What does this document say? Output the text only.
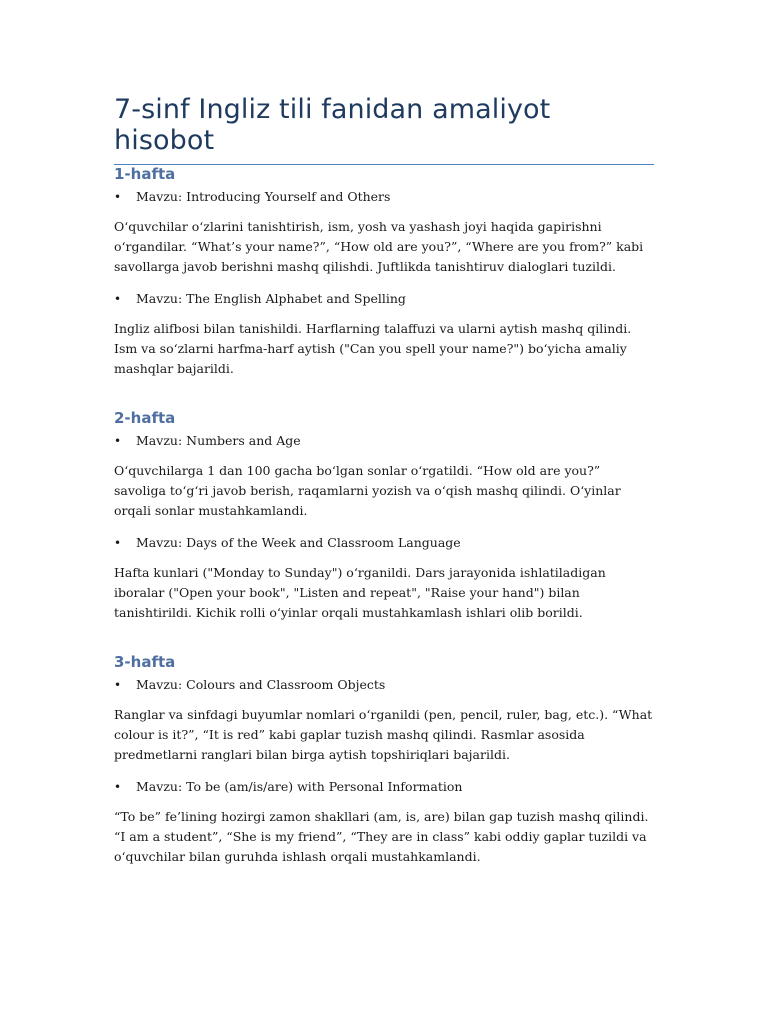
7-sinf Ingliz tili fanidan amaliyot hisobot
1-hafta
•	Mavzu: Introducing Yourself and Others

O‘quvchilar o‘zlarini tanishtirish, ism, yosh va yashash joyi haqida gapirishni o‘rgandilar. “What’s your name?”, “How old are you?”, “Where are you from?” kabi savollarga javob berishni mashq qilishdi. Juftlikda tanishtiruv dialoglari tuzildi.

•	Mavzu: The English Alphabet and Spelling

Ingliz alifbosi bilan tanishildi. Harflarning talaffuzi va ularni aytish mashq qilindi. Ism va so‘zlarni harfma-harf aytish ("Can you spell your name?") bo‘yicha amaliy mashqlar bajarildi.

2-hafta
•	Mavzu: Numbers and Age

O‘quvchilarga 1 dan 100 gacha bo‘lgan sonlar o‘rgatildi. “How old are you?” savoliga to‘g‘ri javob berish, raqamlarni yozish va o‘qish mashq qilindi. O‘yinlar orqali sonlar mustahkamlandi.

•	Mavzu: Days of the Week and Classroom Language

Hafta kunlari ("Monday to Sunday") o‘rganildi. Dars jarayonida ishlatiladigan iboralar ("Open your book", "Listen and repeat", "Raise your hand") bilan tanishtirildi. Kichik rolli o‘yinlar orqali mustahkamlash ishlari olib borildi.

3-hafta
•	Mavzu: Colours and Classroom Objects

Ranglar va sinfdagi buyumlar nomlari o‘rganildi (pen, pencil, ruler, bag, etc.). “What colour is it?”, “It is red” kabi gaplar tuzish mashq qilindi. Rasmlar asosida predmetlarni ranglari bilan birga aytish topshiriqlari bajarildi.

•	Mavzu: To be (am/is/are) with Personal Information

“To be” fe’lining hozirgi zamon shakllari (am, is, are) bilan gap tuzish mashq qilindi. “I am a student”, “She is my friend”, “They are in class” kabi oddiy gaplar tuzildi va o‘quvchilar bilan guruhda ishlash orqali mustahkamlandi.
